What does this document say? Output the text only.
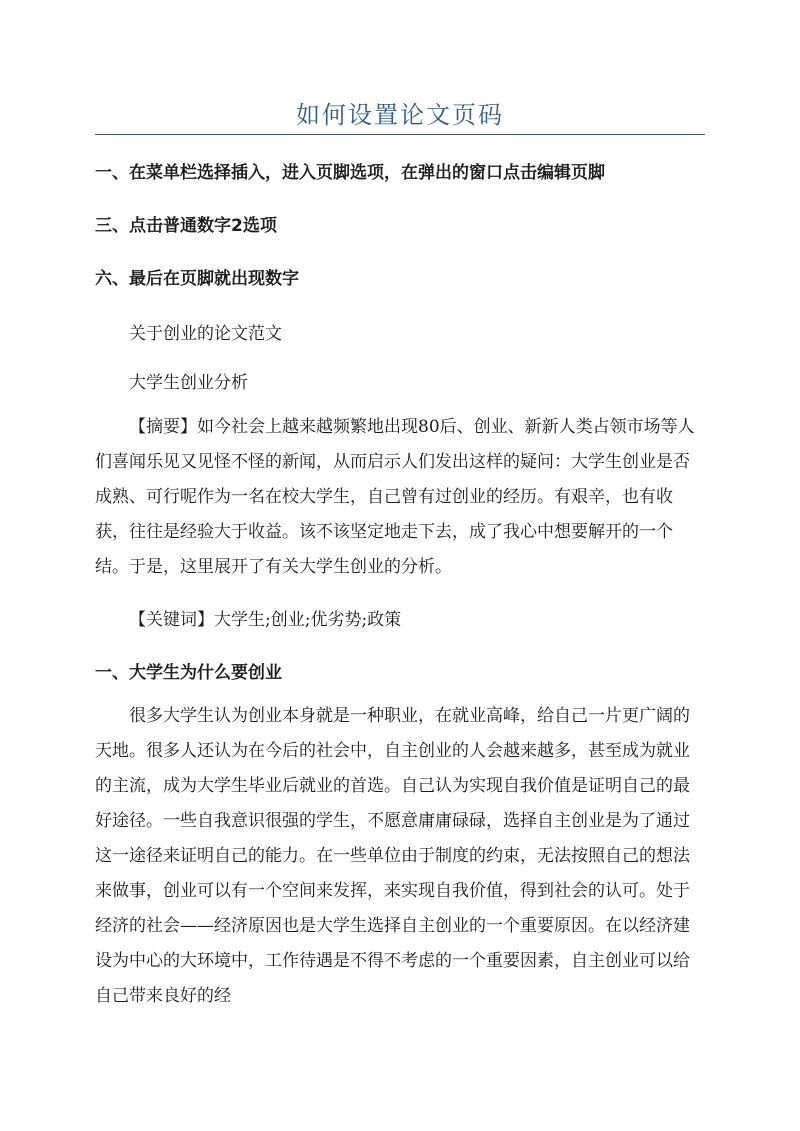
如何设置论文页码

一、在菜单栏选择插入，进入页脚选项，在弹出的窗口点击编辑页脚

三、点击普通数字2选项

六、最后在页脚就出现数字

关于创业的论文范文

大学生创业分析

【摘要】如今社会上越来越频繁地出现80后、创业、新新人类占领市场等人们喜闻乐见又见怪不怪的新闻，从而启示人们发出这样的疑问：大学生创业是否成熟、可行呢作为一名在校大学生，自己曾有过创业的经历。有艰辛，也有收获，往往是经验大于收益。该不该坚定地走下去，成了我心中想要解开的一个结。于是，这里展开了有关大学生创业的分析。

【关键词】大学生;创业;优劣势;政策

一、大学生为什么要创业

很多大学生认为创业本身就是一种职业，在就业高峰，给自己一片更广阔的天地。很多人还认为在今后的社会中，自主创业的人会越来越多，甚至成为就业的主流，成为大学生毕业后就业的首选。自己认为实现自我价值是证明自己的最好途径。一些自我意识很强的学生，不愿意庸庸碌碌，选择自主创业是为了通过这一途径来证明自己的能力。在一些单位由于制度的约束，无法按照自己的想法来做事，创业可以有一个空间来发挥，来实现自我价值，得到社会的认可。处于经济的社会——经济原因也是大学生选择自主创业的一个重要原因。在以经济建设为中心的大环境中，工作待遇是不得不考虑的一个重要因素，自主创业可以给自己带来良好的经
